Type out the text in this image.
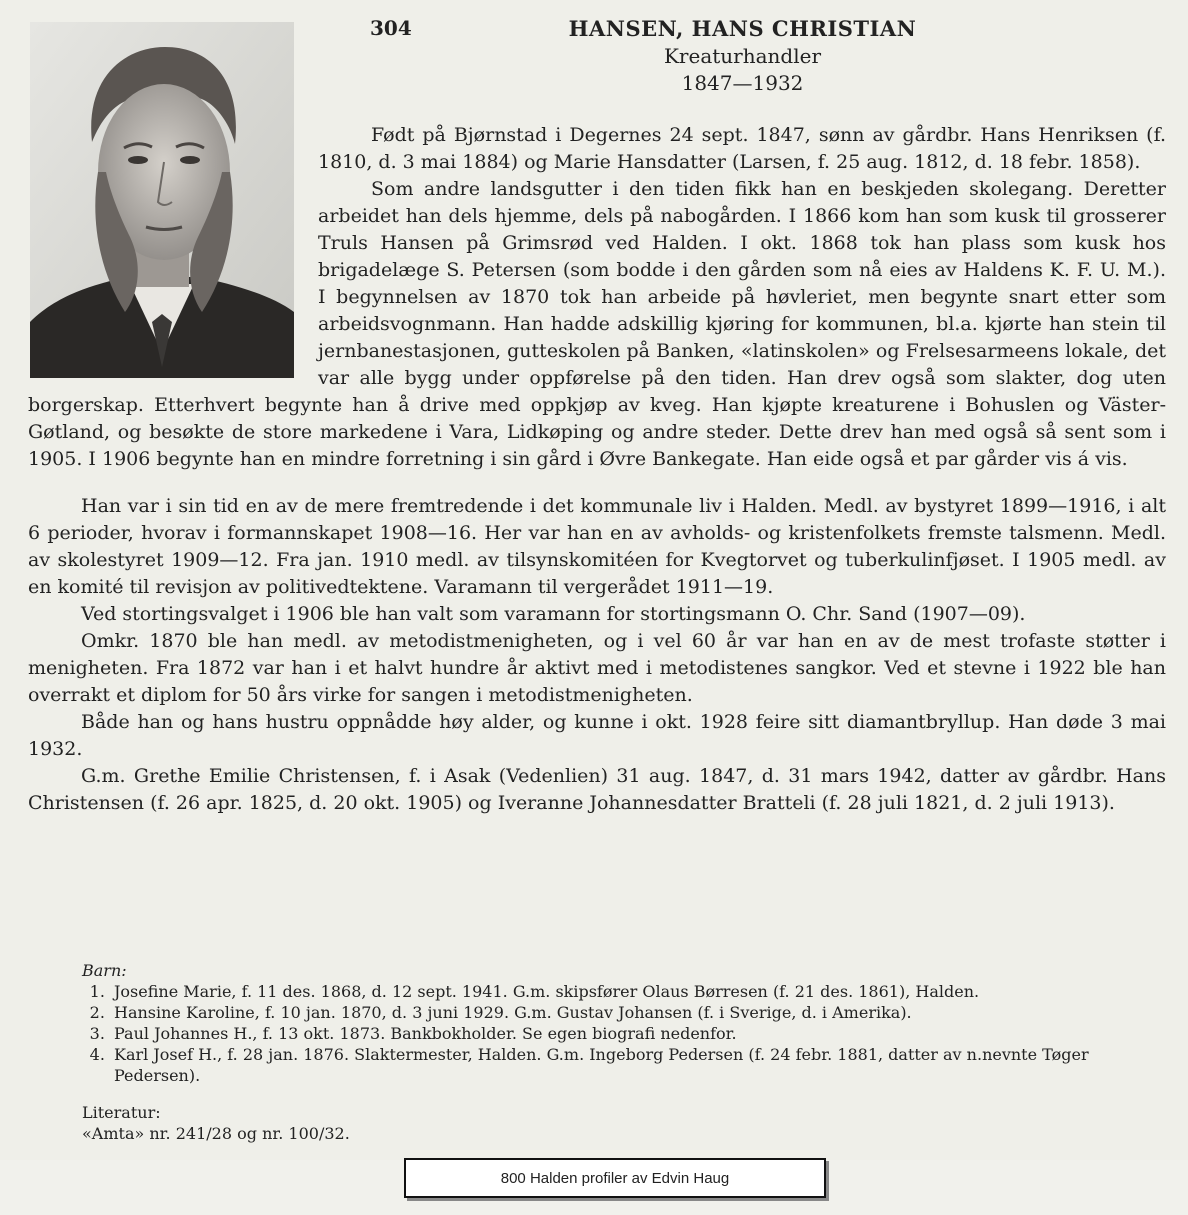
304	HANSEN, HANS CHRISTIAN
Kreaturhandler
1847—1932

Født på Bjørnstad i Degernes 24 sept. 1847, sønn av gårdbr. Hans Henriksen (f. 1810, d. 3 mai 1884) og Marie Hansdatter (Larsen, f. 25 aug. 1812, d. 18 febr. 1858).

Som andre landsgutter i den tiden fikk han en beskjeden skolegang. Deretter arbeidet han dels hjemme, dels på nabogården. I 1866 kom han som kusk til grosserer Truls Hansen på Grimsrød ved Halden. I okt. 1868 tok han plass som kusk hos brigadelæge S. Petersen (som bodde i den gården som nå eies av Haldens K. F. U. M.). I begynnelsen av 1870 tok han arbeide på høvleriet, men begynte snart etter som arbeidsvognmann. Han hadde adskillig kjøring for kommunen, bl.a. kjørte han stein til jernbanestasjonen, gutteskolen på Banken, «latinskolen» og Frelsesarmeens lokale, det var alle bygg under oppførelse på den tiden. Han drev også som slakter, dog uten borgerskap. Etterhvert begynte han å drive med oppkjøp av kveg. Han kjøpte kreaturene i Bohuslen og Väster-Gøtland, og besøkte de store markedene i Vara, Lidkøping og andre steder. Dette drev han med også så sent som i 1905. I 1906 begynte han en mindre forretning i sin gård i Øvre Bankegate. Han eide også et par gårder vis á vis.

Han var i sin tid en av de mere fremtredende i det kommunale liv i Halden. Medl. av bystyret 1899—1916, i alt 6 perioder, hvorav i formannskapet 1908—16. Her var han en av avholds- og kristenfolkets fremste talsmenn. Medl. av skolestyret 1909—12. Fra jan. 1910 medl. av tilsynskomitéen for Kvegtorvet og tuberkulinfjøset. I 1905 medl. av en komité til revisjon av politivedtektene. Varamann til vergerådet 1911—19.

Ved stortingsvalget i 1906 ble han valt som varamann for stortingsmann O. Chr. Sand (1907—09).

Omkr. 1870 ble han medl. av metodistmenigheten, og i vel 60 år var han en av de mest trofaste støtter i menigheten. Fra 1872 var han i et halvt hundre år aktivt med i metodistenes sangkor. Ved et stevne i 1922 ble han overrakt et diplom for 50 års virke for sangen i metodistmenigheten.

Både han og hans hustru oppnådde høy alder, og kunne i okt. 1928 feire sitt diamantbryllup. Han døde 3 mai 1932.

G.m. Grethe Emilie Christensen, f. i Asak (Vedenlien) 31 aug. 1847, d. 31 mars 1942, datter av gårdbr. Hans Christensen (f. 26 apr. 1825, d. 20 okt. 1905) og Iveranne Johannesdatter Bratteli (f. 28 juli 1821, d. 2 juli 1913).

Barn:
1. Josefine Marie, f. 11 des. 1868, d. 12 sept. 1941. G.m. skipsfører Olaus Børresen (f. 21 des. 1861), Halden.
2. Hansine Karoline, f. 10 jan. 1870, d. 3 juni 1929. G.m. Gustav Johansen (f. i Sverige, d. i Amerika).
3. Paul Johannes H., f. 13 okt. 1873. Bankbokholder. Se egen biografi nedenfor.
4. Karl Josef H., f. 28 jan. 1876. Slaktermester, Halden. G.m. Ingeborg Pedersen (f. 24 febr. 1881, datter av n.nevnte Tøger Pedersen).
Literatur:
«Amta» nr. 241/28 og nr. 100/32.
800 Halden profiler av Edvin Haug
